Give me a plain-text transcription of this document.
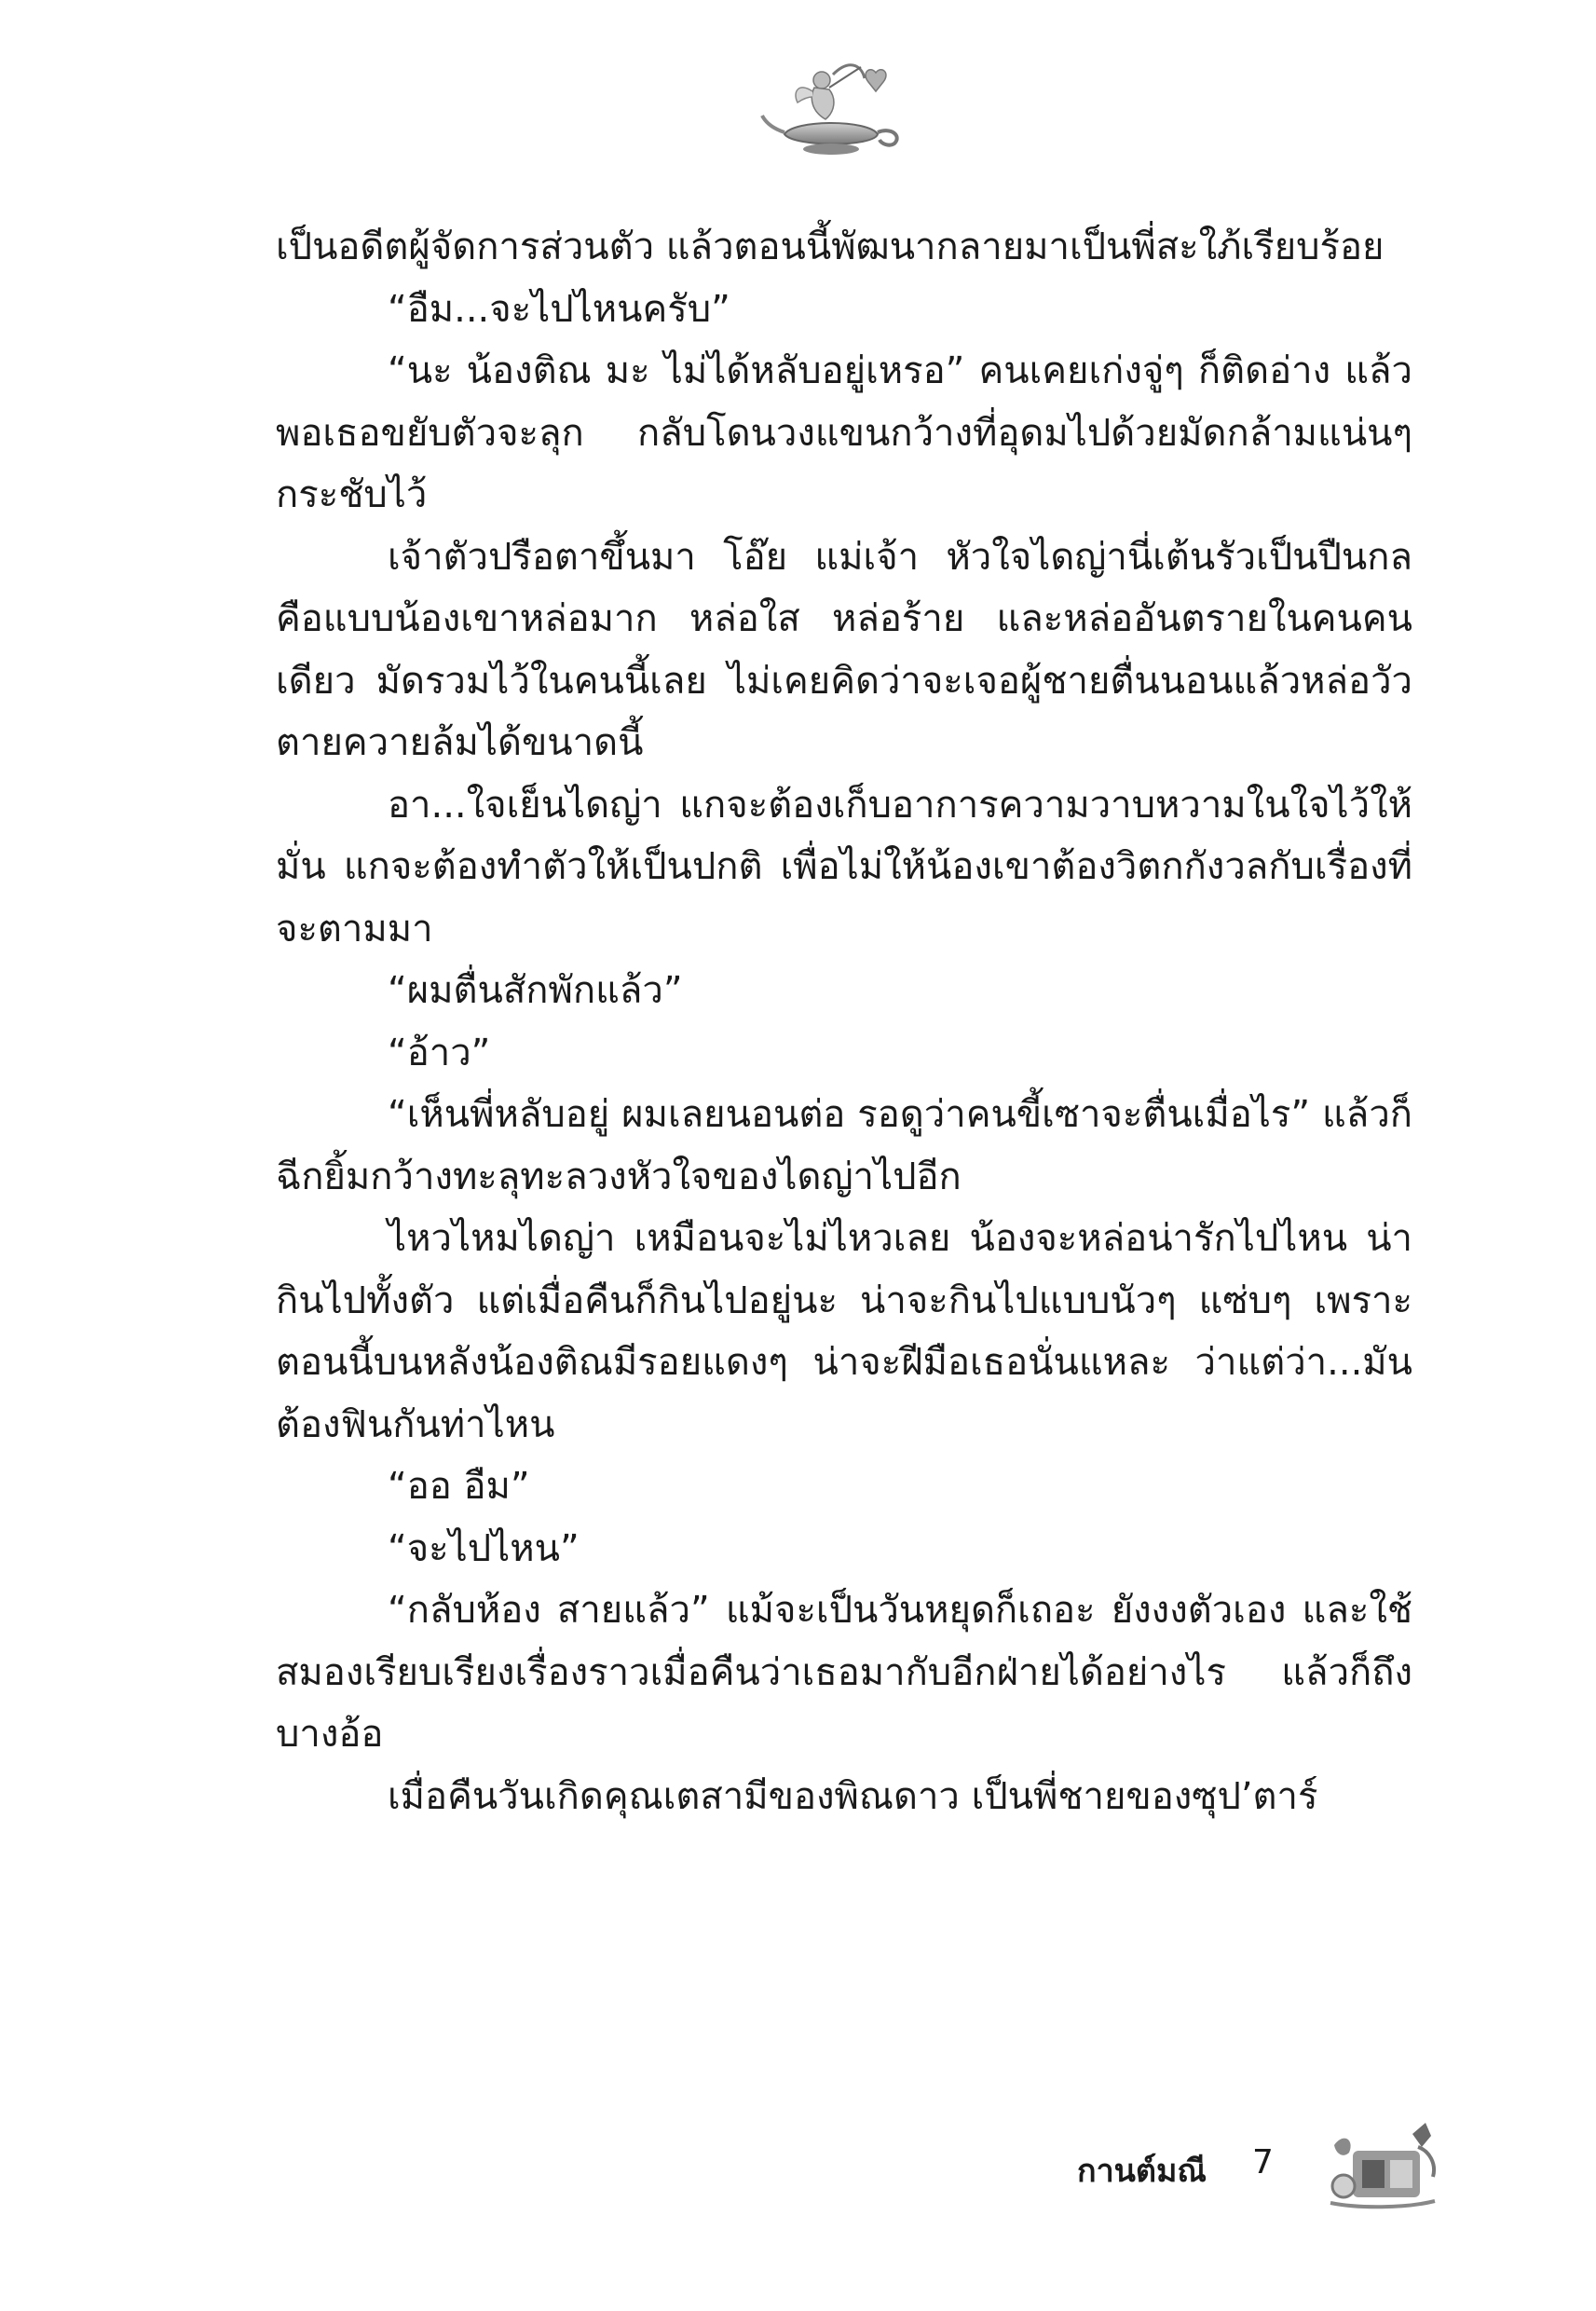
เป็นอดีตผู้จัดการส่วนตัว แล้วตอนนี้พัฒนากลายมาเป็นพี่สะใภ้เรียบร้อย

“อืม...จะไปไหนครับ”

“นะ น้องติณ มะ ไม่ได้หลับอยู่เหรอ” คนเคยเก่งจู่ๆ ก็ติดอ่าง แล้วพอเธอขยับตัวจะลุก กลับโดนวงแขนกว้างที่อุดมไปด้วยมัดกล้ามแน่นๆ กระชับไว้

เจ้าตัวปรือตาขึ้นมา โอ๊ย แม่เจ้า หัวใจไดญ่านี่เต้นรัวเป็นปืนกล คือแบบน้องเขาหล่อมาก หล่อใส หล่อร้าย และหล่ออันตรายในคนคนเดียว มัดรวมไว้ในคนนี้เลย ไม่เคยคิดว่าจะเจอผู้ชายตื่นนอนแล้วหล่อวัวตายควายล้มได้ขนาดนี้

อา...ใจเย็นไดญ่า แกจะต้องเก็บอาการความวาบหวามในใจไว้ให้มั่น แกจะต้องทำตัวให้เป็นปกติ เพื่อไม่ให้น้องเขาต้องวิตกกังวลกับเรื่องที่จะตามมา

“ผมตื่นสักพักแล้ว”

“อ้าว”

“เห็นพี่หลับอยู่ ผมเลยนอนต่อ รอดูว่าคนขี้เซาจะตื่นเมื่อไร” แล้วก็ฉีกยิ้มกว้างทะลุทะลวงหัวใจของไดญ่าไปอีก

ไหวไหมไดญ่า เหมือนจะไม่ไหวเลย น้องจะหล่อน่ารักไปไหน น่ากินไปทั้งตัว แต่เมื่อคืนก็กินไปอยู่นะ น่าจะกินไปแบบนัวๆ แซ่บๆ เพราะตอนนี้บนหลังน้องติณมีรอยแดงๆ น่าจะฝีมือเธอนั่นแหละ ว่าแต่ว่า...มันต้องฟินกันท่าไหน

“ออ อืม”

“จะไปไหน”

“กลับห้อง สายแล้ว” แม้จะเป็นวันหยุดก็เถอะ ยังงงตัวเอง และใช้สมองเรียบเรียงเรื่องราวเมื่อคืนว่าเธอมากับอีกฝ่ายได้อย่างไร แล้วก็ถึงบางอ้อ

เมื่อคืนวันเกิดคุณเตสามีของพิณดาว เป็นพี่ชายของซุป’ตาร์

กานต์มณี 7
